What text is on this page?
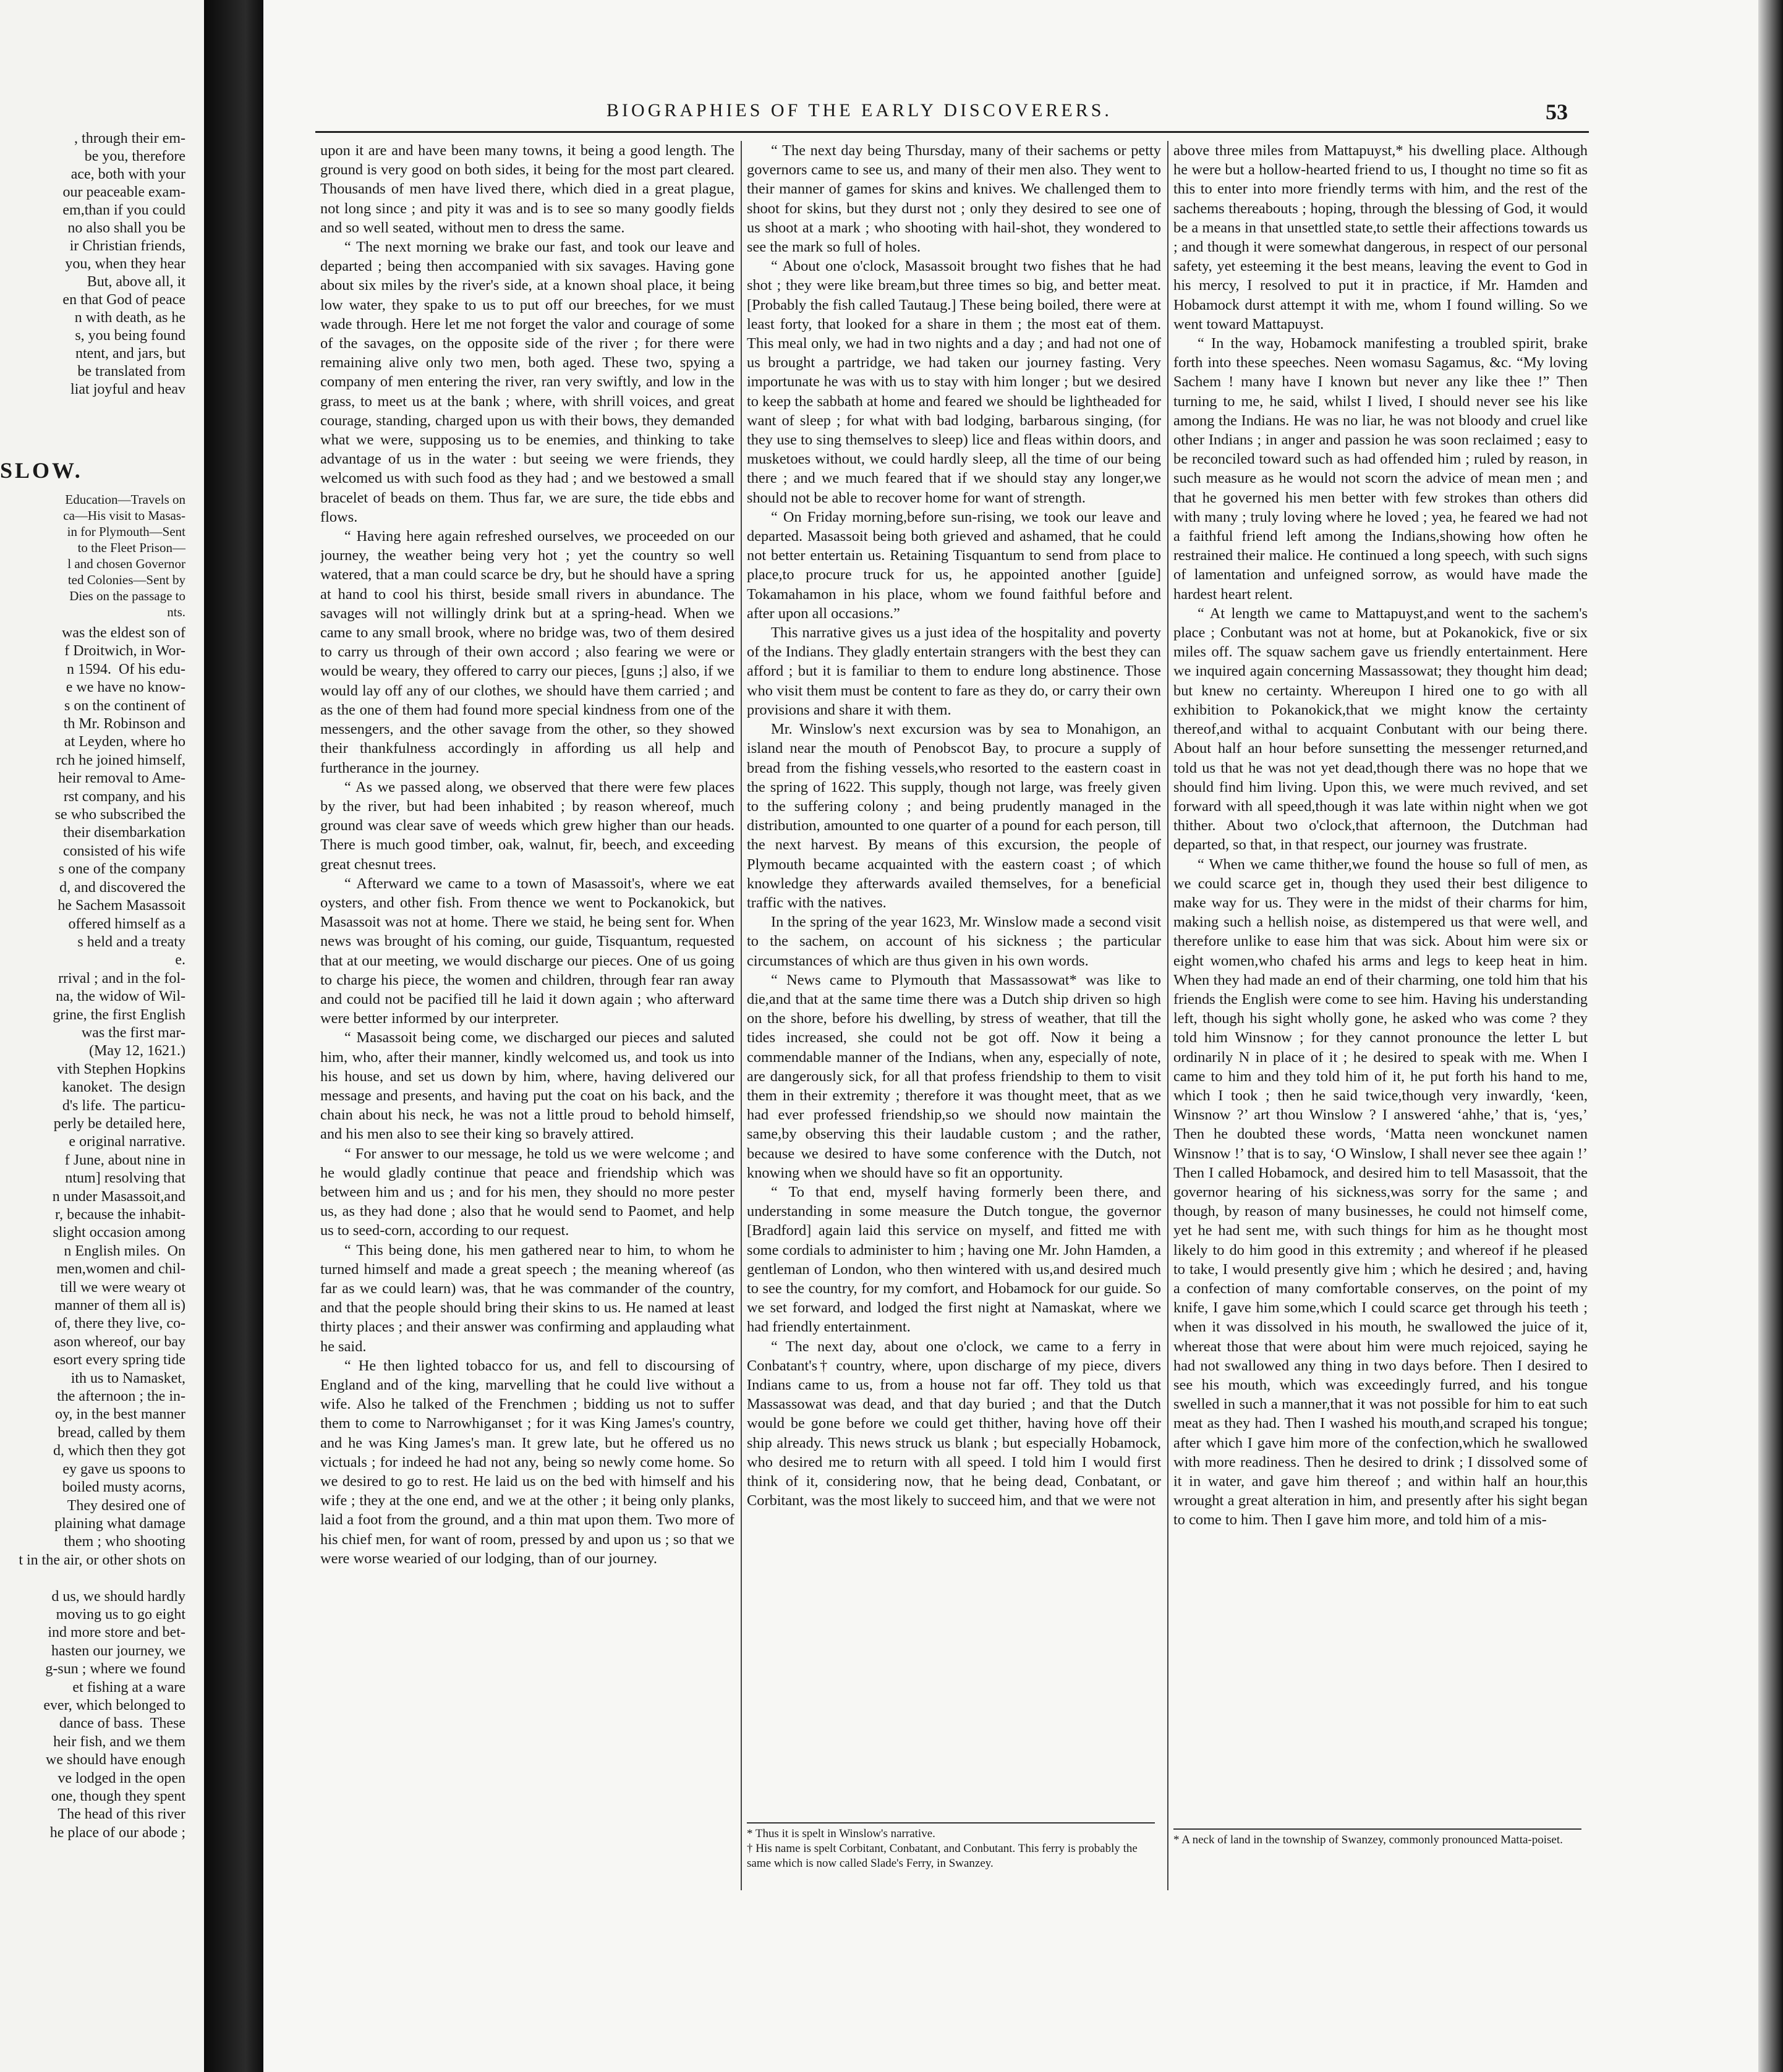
, through their em-
be you, therefore
ace, both with your
our peaceable exam-
em,than if you could
no also shall you be
ir Christian friends,
you, when they hear
But, above all, it
en that God of peace
n with death, as he
s, you being found
ntent, and jars, but
be translated from
liat joyful and heav
SLOW.
Education—Travels on
ca—His visit to Masas-
in for Plymouth—Sent
to the Fleet Prison—
l and chosen Governor
ted Colonies—Sent by
Dies on the passage to
nts.
was the eldest son of
f Droitwich, in Wor-
n 1594.  Of his edu-
e we have no know-
s on the continent of
th Mr. Robinson and
at Leyden, where ho
rch he joined himself,
heir removal to Ame-
rst company, and his
se who subscribed the
their disembarkation
consisted of his wife
s one of the company
d, and discovered the
he Sachem Masassoit
offered himself as a
s held and a treaty
e.
rrival ; and in the fol-
na, the widow of Wil-
grine, the first English
was the first mar-
(May 12, 1621.)
vith Stephen Hopkins
kanoket.  The design
d's life.  The particu-
perly be detailed here,
e original narrative.
f June, about nine in
ntum] resolving that
n under Masassoit,and
r, because the inhabit-
slight occasion among
n English miles.  On
men,women and chil-
till we were weary ot
manner of them all is)
of, there they live, co-
ason whereof, our bay
esort every spring tide
ith us to Namasket,
the afternoon ; the in-
oy, in the best manner
bread, called by them
d, which then they got
ey gave us spoons to
boiled musty acorns,
They desired one of
plaining what damage
them ; who shooting
t in the air, or other shots on

d us, we should hardly
moving us to go eight
ind more store and bet-
hasten our journey, we
g-sun ; where we found
et fishing at a ware
ever, which belonged to
dance of bass.  These
heir fish, and we them
we should have enough
ve lodged in the open
one, though they spent
The head of this river
he place of our abode ;
BIOGRAPHIES OF THE EARLY DISCOVERERS.	53

upon it are and have been many towns, it being a good length. The ground is very good on both sides, it being for the most part cleared. Thousands of men have lived there, which died in a great plague, not long since ; and pity it was and is to see so many goodly fields and so well seated, without men to dress the same.

“ The next morning we brake our fast, and took our leave and departed ; being then accompanied with six savages. Having gone about six miles by the river's side, at a known shoal place, it being low water, they spake to us to put off our breeches, for we must wade through. Here let me not forget the valor and courage of some of the savages, on the opposite side of the river ; for there were remaining alive only two men, both aged. These two, spying a company of men entering the river, ran very swiftly, and low in the grass, to meet us at the bank ; where, with shrill voices, and great courage, standing, charged upon us with their bows, they demanded what we were, supposing us to be enemies, and thinking to take advantage of us in the water : but seeing we were friends, they welcomed us with such food as they had ; and we bestowed a small bracelet of beads on them. Thus far, we are sure, the tide ebbs and flows.

“ Having here again refreshed ourselves, we proceeded on our journey, the weather being very hot ; yet the country so well watered, that a man could scarce be dry, but he should have a spring at hand to cool his thirst, beside small rivers in abundance. The savages will not willingly drink but at a spring-head. When we came to any small brook, where no bridge was, two of them desired to carry us through of their own accord ; also fearing we were or would be weary, they offered to carry our pieces, [guns ;] also, if we would lay off any of our clothes, we should have them carried ; and as the one of them had found more special kindness from one of the messengers, and the other savage from the other, so they showed their thankfulness accordingly in affording us all help and furtherance in the journey.

“ As we passed along, we observed that there were few places by the river, but had been inhabited ; by reason whereof, much ground was clear save of weeds which grew higher than our heads. There is much good timber, oak, walnut, fir, beech, and exceeding great chesnut trees.

“ Afterward we came to a town of Masassoit's, where we eat oysters, and other fish. From thence we went to Pockanokick, but Masassoit was not at home. There we staid, he being sent for. When news was brought of his coming, our guide, Tisquantum, requested that at our meeting, we would discharge our pieces. One of us going to charge his piece, the women and children, through fear ran away and could not be pacified till he laid it down again ; who afterward were better informed by our interpreter.

“ Masassoit being come, we discharged our pieces and saluted him, who, after their manner, kindly welcomed us, and took us into his house, and set us down by him, where, having delivered our message and presents, and having put the coat on his back, and the chain about his neck, he was not a little proud to behold himself, and his men also to see their king so bravely attired.

“ For answer to our message, he told us we were welcome ; and he would gladly continue that peace and friendship which was between him and us ; and for his men, they should no more pester us, as they had done ; also that he would send to Paomet, and help us to seed-corn, according to our request.

“ This being done, his men gathered near to him, to whom he turned himself and made a great speech ; the meaning whereof (as far as we could learn) was, that he was commander of the country, and that the people should bring their skins to us. He named at least thirty places ; and their answer was confirming and applauding what he said.

“ He then lighted tobacco for us, and fell to discoursing of England and of the king, marvelling that he could live without a wife. Also he talked of the Frenchmen ; bidding us not to suffer them to come to Narrowhiganset ; for it was King James's country, and he was King James's man. It grew late, but he offered us no victuals ; for indeed he had not any, being so newly come home. So we desired to go to rest. He laid us on the bed with himself and his wife ; they at the one end, and we at the other ; it being only planks, laid a foot from the ground, and a thin mat upon them. Two more of his chief men, for want of room, pressed by and upon us ; so that we were worse wearied of our lodging, than of our journey.

“ The next day being Thursday, many of their sachems or petty governors came to see us, and many of their men also. They went to their manner of games for skins and knives. We challenged them to shoot for skins, but they durst not ; only they desired to see one of us shoot at a mark ; who shooting with hail-shot, they wondered to see the mark so full of holes.

“ About one o'clock, Masassoit brought two fishes that he had shot ; they were like bream,but three times so big, and better meat. [Probably the fish called Tautaug.] These being boiled, there were at least forty, that looked for a share in them ; the most eat of them. This meal only, we had in two nights and a day ; and had not one of us brought a partridge, we had taken our journey fasting. Very importunate he was with us to stay with him longer ; but we desired to keep the sabbath at home and feared we should be lightheaded for want of sleep ; for what with bad lodging, barbarous singing, (for they use to sing themselves to sleep) lice and fleas within doors, and musketoes without, we could hardly sleep, all the time of our being there ; and we much feared that if we should stay any longer,we should not be able to recover home for want of strength.

“ On Friday morning,before sun-rising, we took our leave and departed. Masassoit being both grieved and ashamed, that he could not better entertain us. Retaining Tisquantum to send from place to place,to procure truck for us, he appointed another [guide] Tokamahamon in his place, whom we found faithful before and after upon all occasions.”

This narrative gives us a just idea of the hospitality and poverty of the Indians. They gladly entertain strangers with the best they can afford ; but it is familiar to them to endure long abstinence. Those who visit them must be content to fare as they do, or carry their own provisions and share it with them.

Mr. Winslow's next excursion was by sea to Monahigon, an island near the mouth of Penobscot Bay, to procure a supply of bread from the fishing vessels,who resorted to the eastern coast in the spring of 1622. This supply, though not large, was freely given to the suffering colony ; and being prudently managed in the distribution, amounted to one quarter of a pound for each person, till the next harvest. By means of this excursion, the people of Plymouth became acquainted with the eastern coast ; of which knowledge they afterwards availed themselves, for a beneficial traffic with the natives.

In the spring of the year 1623, Mr. Winslow made a second visit to the sachem, on account of his sickness ; the particular circumstances of which are thus given in his own words.

“ News came to Plymouth that Massassowat* was like to die,and that at the same time there was a Dutch ship driven so high on the shore, before his dwelling, by stress of weather, that till the tides increased, she could not be got off. Now it being a commendable manner of the Indians, when any, especially of note, are dangerously sick, for all that profess friendship to them to visit them in their extremity ; therefore it was thought meet, that as we had ever professed friendship,so we should now maintain the same,by observing this their laudable custom ; and the rather, because we desired to have some conference with the Dutch, not knowing when we should have so fit an opportunity.

“ To that end, myself having formerly been there, and understanding in some measure the Dutch tongue, the governor [Bradford] again laid this service on myself, and fitted me with some cordials to administer to him ; having one Mr. John Hamden, a gentleman of London, who then wintered with us,and desired much to see the country, for my comfort, and Hobamock for our guide. So we set forward, and lodged the first night at Namaskat, where we had friendly entertainment.

“ The next day, about one o'clock, we came to a ferry in Conbatant's† country, where, upon discharge of my piece, divers Indians came to us, from a house not far off. They told us that Massassowat was dead, and that day buried ; and that the Dutch would be gone before we could get thither, having hove off their ship already. This news struck us blank ; but especially Hobamock, who desired me to return with all speed. I told him I would first think of it, considering now, that he being dead, Conbatant, or Corbitant, was the most likely to succeed him, and that we were not

above three miles from Mattapuyst,* his dwelling place. Although he were but a hollow-hearted friend to us, I thought no time so fit as this to enter into more friendly terms with him, and the rest of the sachems thereabouts ; hoping, through the blessing of God, it would be a means in that unsettled state,to settle their affections towards us ; and though it were somewhat dangerous, in respect of our personal safety, yet esteeming it the best means, leaving the event to God in his mercy, I resolved to put it in practice, if Mr. Hamden and Hobamock durst attempt it with me, whom I found willing. So we went toward Mattapuyst.

“ In the way, Hobamock manifesting a troubled spirit, brake forth into these speeches. Neen womasu Sagamus, &c. “My loving Sachem ! many have I known but never any like thee !” Then turning to me, he said, whilst I lived, I should never see his like among the Indians. He was no liar, he was not bloody and cruel like other Indians ; in anger and passion he was soon reclaimed ; easy to be reconciled toward such as had offended him ; ruled by reason, in such measure as he would not scorn the advice of mean men ; and that he governed his men better with few strokes than others did with many ; truly loving where he loved ; yea, he feared we had not a faithful friend left among the Indians,showing how often he restrained their malice. He continued a long speech, with such signs of lamentation and unfeigned sorrow, as would have made the hardest heart relent.

“ At length we came to Mattapuyst,and went to the sachem's place ; Conbutant was not at home, but at Pokanokick, five or six miles off. The squaw sachem gave us friendly entertainment. Here we inquired again concerning Massassowat; they thought him dead; but knew no certainty. Whereupon I hired one to go with all exhibition to Pokanokick,that we might know the certainty thereof,and withal to acquaint Conbutant with our being there. About half an hour before sunsetting the messenger returned,and told us that he was not yet dead,though there was no hope that we should find him living. Upon this, we were much revived, and set forward with all speed,though it was late within night when we got thither. About two o'clock,that afternoon, the Dutchman had departed, so that, in that respect, our journey was frustrate.

“ When we came thither,we found the house so full of men, as we could scarce get in, though they used their best diligence to make way for us. They were in the midst of their charms for him, making such a hellish noise, as distempered us that were well, and therefore unlike to ease him that was sick. About him were six or eight women,who chafed his arms and legs to keep heat in him. When they had made an end of their charming, one told him that his friends the English were come to see him. Having his understanding left, though his sight wholly gone, he asked who was come ? they told him Winsnow ; for they cannot pronounce the letter L but ordinarily N in place of it ; he desired to speak with me. When I came to him and they told him of it, he put forth his hand to me, which I took ; then he said twice,though very inwardly, ‘keen, Winsnow ?’ art thou Winslow ? I answered ‘ahhe,’ that is, ‘yes,’ Then he doubted these words, ‘Matta neen wonckunet namen Winsnow !’ that is to say, ‘O Winslow, I shall never see thee again !’ Then I called Hobamock, and desired him to tell Masassoit, that the governor hearing of his sickness,was sorry for the same ; and though, by reason of many businesses, he could not himself come, yet he had sent me, with such things for him as he thought most likely to do him good in this extremity ; and whereof if he pleased to take, I would presently give him ; which he desired ; and, having a confection of many comfortable conserves, on the point of my knife, I gave him some,which I could scarce get through his teeth ; when it was dissolved in his mouth, he swallowed the juice of it, whereat those that were about him were much rejoiced, saying he had not swallowed any thing in two days before. Then I desired to see his mouth, which was exceedingly furred, and his tongue swelled in such a manner,that it was not possible for him to eat such meat as they had. Then I washed his mouth,and scraped his tongue; after which I gave him more of the confection,which he swallowed with more readiness. Then he desired to drink ; I dissolved some of it in water, and gave him thereof ; and within half an hour,this wrought a great alteration in him, and presently after his sight began to come to him. Then I gave him more, and told him of a mis-

* Thus it is spelt in Winslow's narrative.
† His name is spelt Corbitant, Conbatant, and Conbutant. This ferry is probably the same which is now called Slade's Ferry, in Swanzey.
* A neck of land in the township of Swanzey, commonly pronounced Matta-poiset.
